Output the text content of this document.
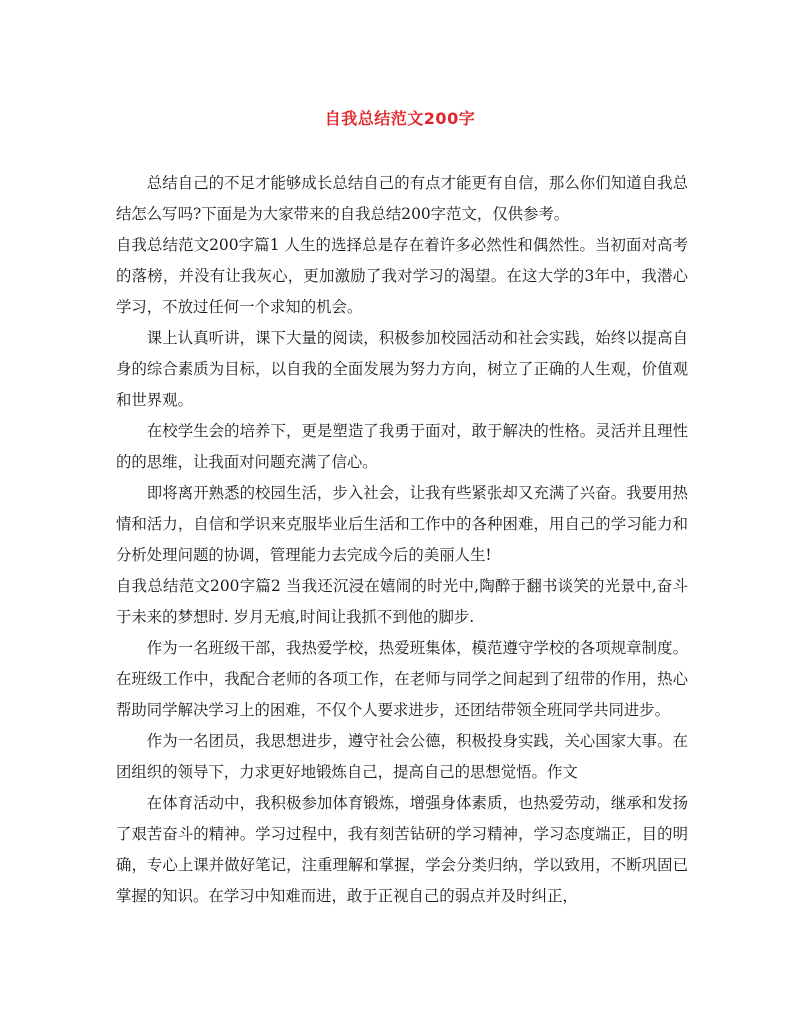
自我总结范文200字

总结自己的不足才能够成长总结自己的有点才能更有自信，那么你们知道自我总结怎么写吗?下面是为大家带来的自我总结200字范文，仅供参考。

自我总结范文200字篇1 人生的选择总是存在着许多必然性和偶然性。当初面对高考的落榜，并没有让我灰心，更加激励了我对学习的渴望。在这大学的3年中，我潜心学习，不放过任何一个求知的机会。

课上认真听讲，课下大量的阅读，积极参加校园活动和社会实践，始终以提高自身的综合素质为目标，以自我的全面发展为努力方向，树立了正确的人生观，价值观和世界观。

在校学生会的培养下，更是塑造了我勇于面对，敢于解决的性格。灵活并且理性的的思维，让我面对问题充满了信心。

即将离开熟悉的校园生活，步入社会，让我有些紧张却又充满了兴奋。我要用热情和活力，自信和学识来克服毕业后生活和工作中的各种困难，用自己的学习能力和分析处理问题的协调，管理能力去完成今后的美丽人生!

自我总结范文200字篇2 当我还沉浸在嬉闹的时光中,陶醉于翻书谈笑的光景中,奋斗于未来的梦想时. 岁月无痕,时间让我抓不到他的脚步.

作为一名班级干部，我热爱学校，热爱班集体，模范遵守学校的各项规章制度。在班级工作中，我配合老师的各项工作，在老师与同学之间起到了纽带的作用，热心帮助同学解决学习上的困难，不仅个人要求进步，还团结带领全班同学共同进步。

作为一名团员，我思想进步，遵守社会公德，积极投身实践，关心国家大事。在团组织的领导下，力求更好地锻炼自己，提高自己的思想觉悟。作文

在体育活动中，我积极参加体育锻炼，增强身体素质，也热爱劳动，继承和发扬了艰苦奋斗的精神。学习过程中，我有刻苦钻研的学习精神，学习态度端正，目的明确，专心上课并做好笔记，注重理解和掌握，学会分类归纳，学以致用，不断巩固已掌握的知识。在学习中知难而进，敢于正视自己的弱点并及时纠正，
